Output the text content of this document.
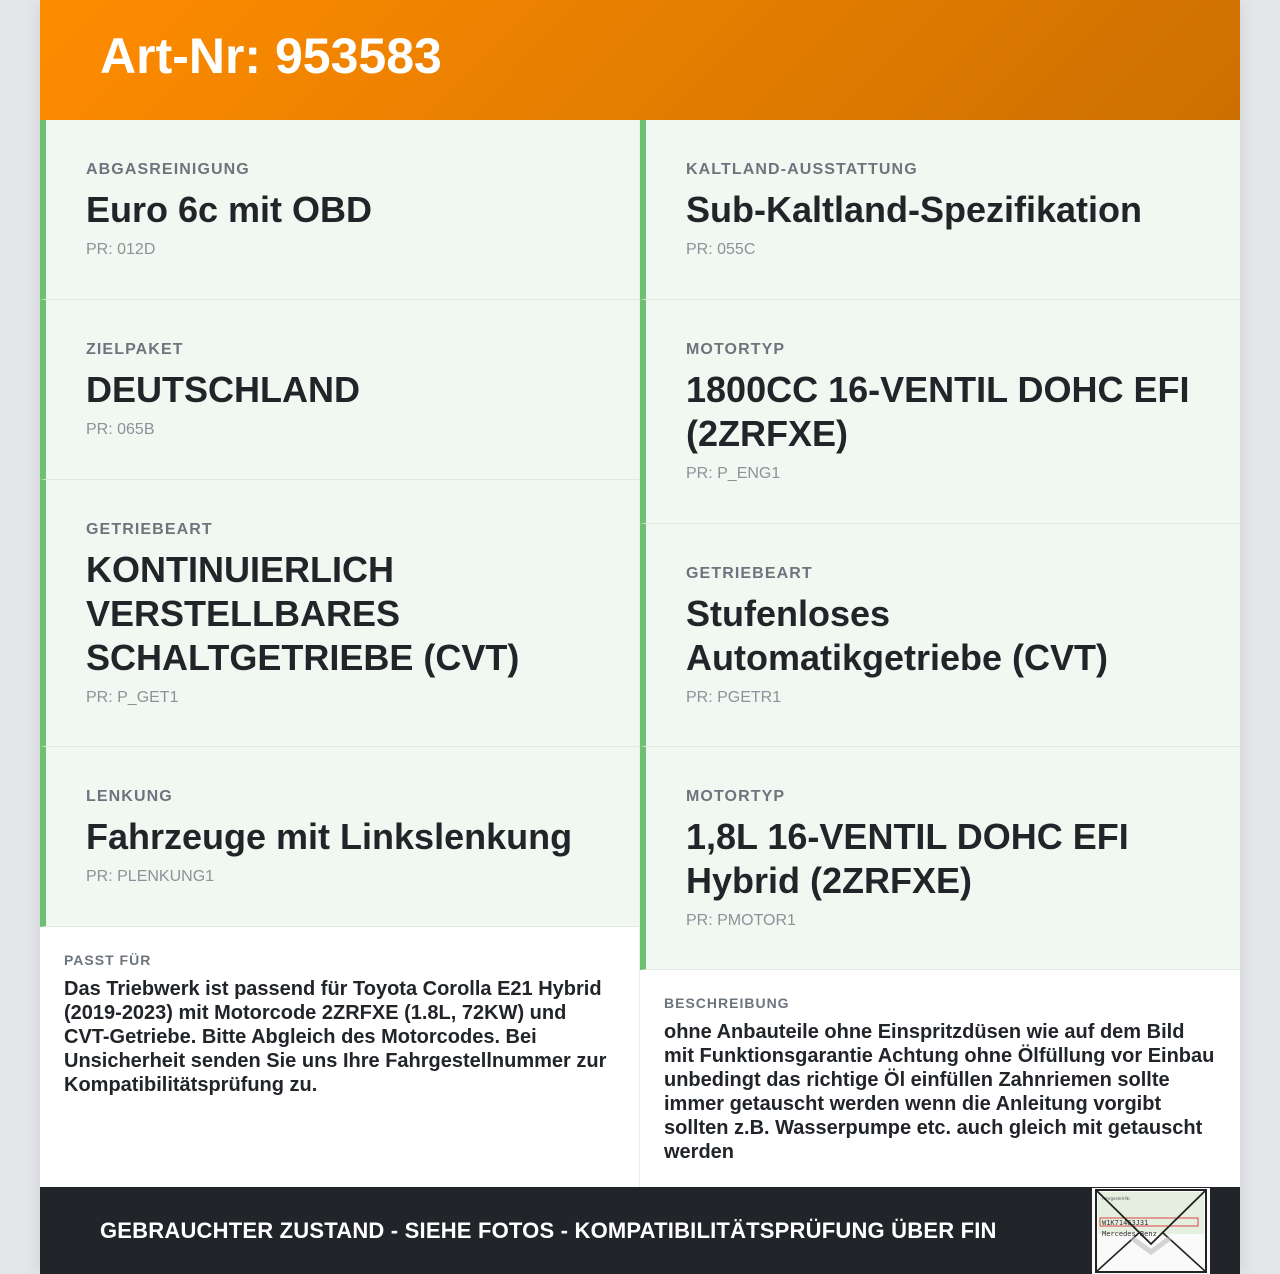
Art-Nr: 953583
ABGASREINIGUNG
Euro 6c mit OBD
PR: 012D
ZIELPAKET
DEUTSCHLAND
PR: 065B
GETRIEBEART
KONTINUIERLICH VERSTELLBARES SCHALTGETRIEBE (CVT)
PR: P_GET1
LENKUNG
Fahrzeuge mit Linkslenkung
PR: PLENKUNG1
PASST FÜR
Das Triebwerk ist passend für Toyota Corolla E21 Hybrid (2019-2023) mit Motorcode 2ZRFXE (1.8L, 72KW) und CVT-Getriebe. Bitte Abgleich des Motorcodes. Bei Unsicherheit senden Sie uns Ihre Fahrgestellnummer zur Kompatibilitätsprüfung zu.
KALTLAND-AUSSTATTUNG
Sub-Kaltland-Spezifikation
PR: 055C
MOTORTYP
1800CC 16-VENTIL DOHC EFI (2ZRFXE)
PR: P_ENG1
GETRIEBEART
Stufenloses Automatikgetriebe (CVT)
PR: PGETR1
MOTORTYP
1,8L 16-VENTIL DOHC EFI Hybrid (2ZRFXE)
PR: PMOTOR1
BESCHREIBUNG
ohne Anbauteile ohne Einspritzdüsen wie auf dem Bild mit Funktionsgarantie Achtung ohne Ölfüllung vor Einbau unbedingt das richtige Öl einfüllen Zahnriemen sollte immer getauscht werden wenn die Anleitung vorgibt sollten z.B. Wasserpumpe etc. auch gleich mit getauscht werden
GEBRAUCHTER ZUSTAND - SIEHE FOTOS - KOMPATIBILITÄTSPRÜFUNG ÜBER FIN
Fahrgestell-Nr.
W1K71463J31
Mercedes-Benz
